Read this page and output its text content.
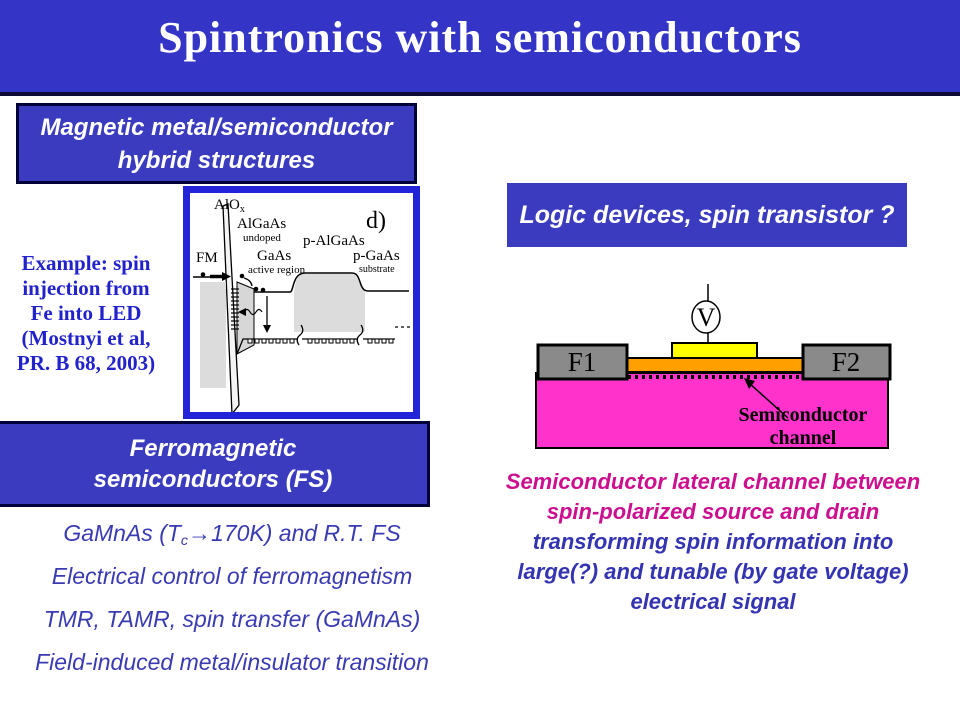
Spintronics with semiconductors
Magnetic metal/semiconductor
hybrid structures
Example: spin
injection from
Fe into LED
(Mostnyi et al,
PR. B 68, 2003)
AlO$_x$
AlGaAs
undoped
FM	GaAs
active region
p-AlGaAs
p-GaAs
substrate
d)	Logic devices, spin transistor ?
V
F1	F2
Semiconductor
channel
Semiconductor lateral channel between
spin-polarized source and drain
transforming spin information into
large(?) and tunable (by gate voltage)
electrical signal
Ferromagnetic
semiconductors (FS)
GaMnAs $(T_c\to 170K)$ and R.T. FS
Electrical control of ferromagnetism
TMR, TAMR, spin transfer (GaMnAs)
Field-induced metal/insulator transition
